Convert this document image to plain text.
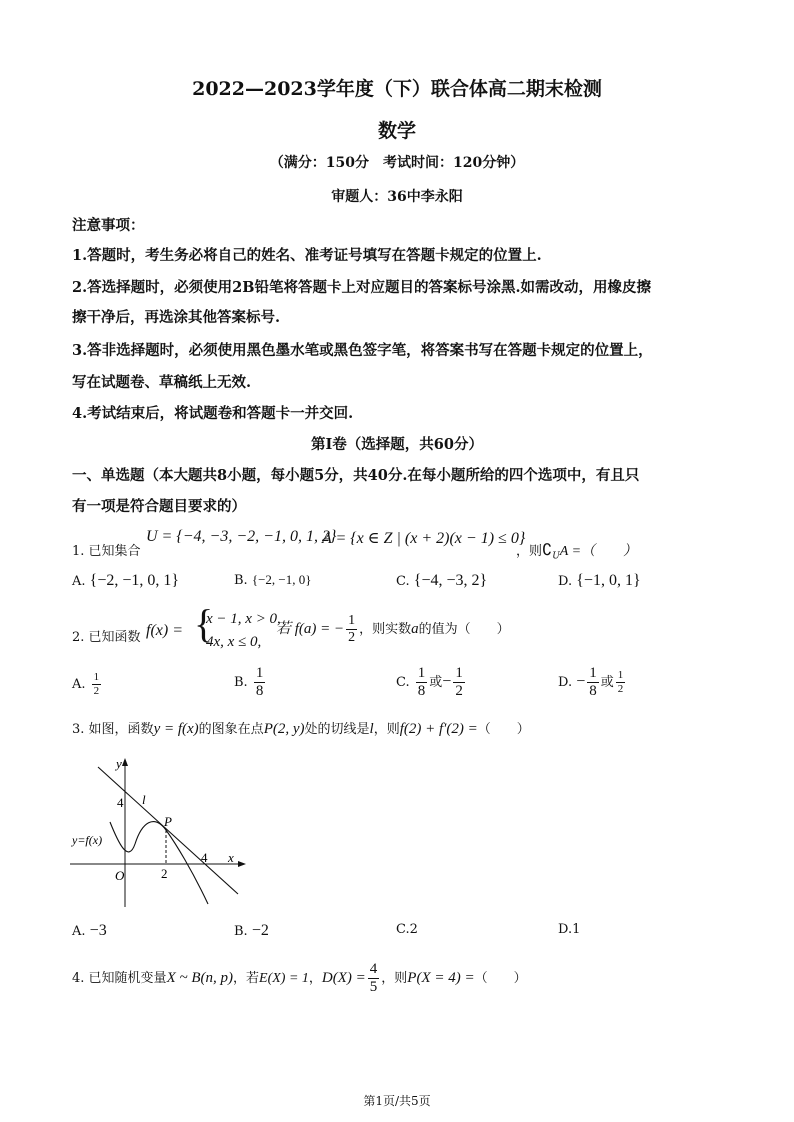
2022—2023学年度（下）联合体高二期末检测
数学
（满分：150分　考试时间：120分钟）
审题人：36中李永阳
注意事项：
1.答题时，考生务必将自己的姓名、准考证号填写在答题卡规定的位置上.
2.答选择题时，必须使用2B铅笔将答题卡上对应题目的答案标号涂黑.如需改动，用橡皮擦
擦干净后，再选涂其他答案标号.
3.答非选择题时，必须使用黑色墨水笔或黑色签字笔，将答案书写在答题卡规定的位置上，
写在试题卷、草稿纸上无效.
4.考试结束后，将试题卷和答题卡一并交回.
第I卷（选择题，共60分）
一、单选题（本大题共8小题，每小题5分，共40分.在每小题所给的四个选项中，有且只
有一项是符合题目要求的）
1. 已知集合
U = {−4, −3, −2, −1, 0, 1, 2}
A = {x ∈ Z | (x + 2)(x − 1) ≤ 0}
，则$∁_UA$ =（　　）
A. {−2, −1, 0, 1}	B. {−2, −1, 0}	C. {−4, −3, 2}	D. {−1, 0, 1}
2. 已知函数 f(x) = {
x − 1, x > 0,
4x, x ≤ 0,
若 f(a) = − $\frac{1}{2}$ ，则实数a的值为（　　）
A. $\frac{1}{2}$	B. $\frac{1}{8}$	C. $\frac{1}{8}$ 或− $\frac{1}{2}$	D. − $\frac{1}{8}$ 或 $\frac{1}{2}$
3. 如图，函数y = f(x)的图象在点P(2, y)处的切线是l，则f(2) + f′(2) =（　　）
y
x
O
4
2
4
l
P
y=f(x)
A. −3	B. −2	C.2	D.1
4. 已知随机变量X ~ B(n, p)，若E(X) = 1，$D(X) = \frac{4}{5}$ ，则P(X = 4) =（　　）
第1页/共5页
